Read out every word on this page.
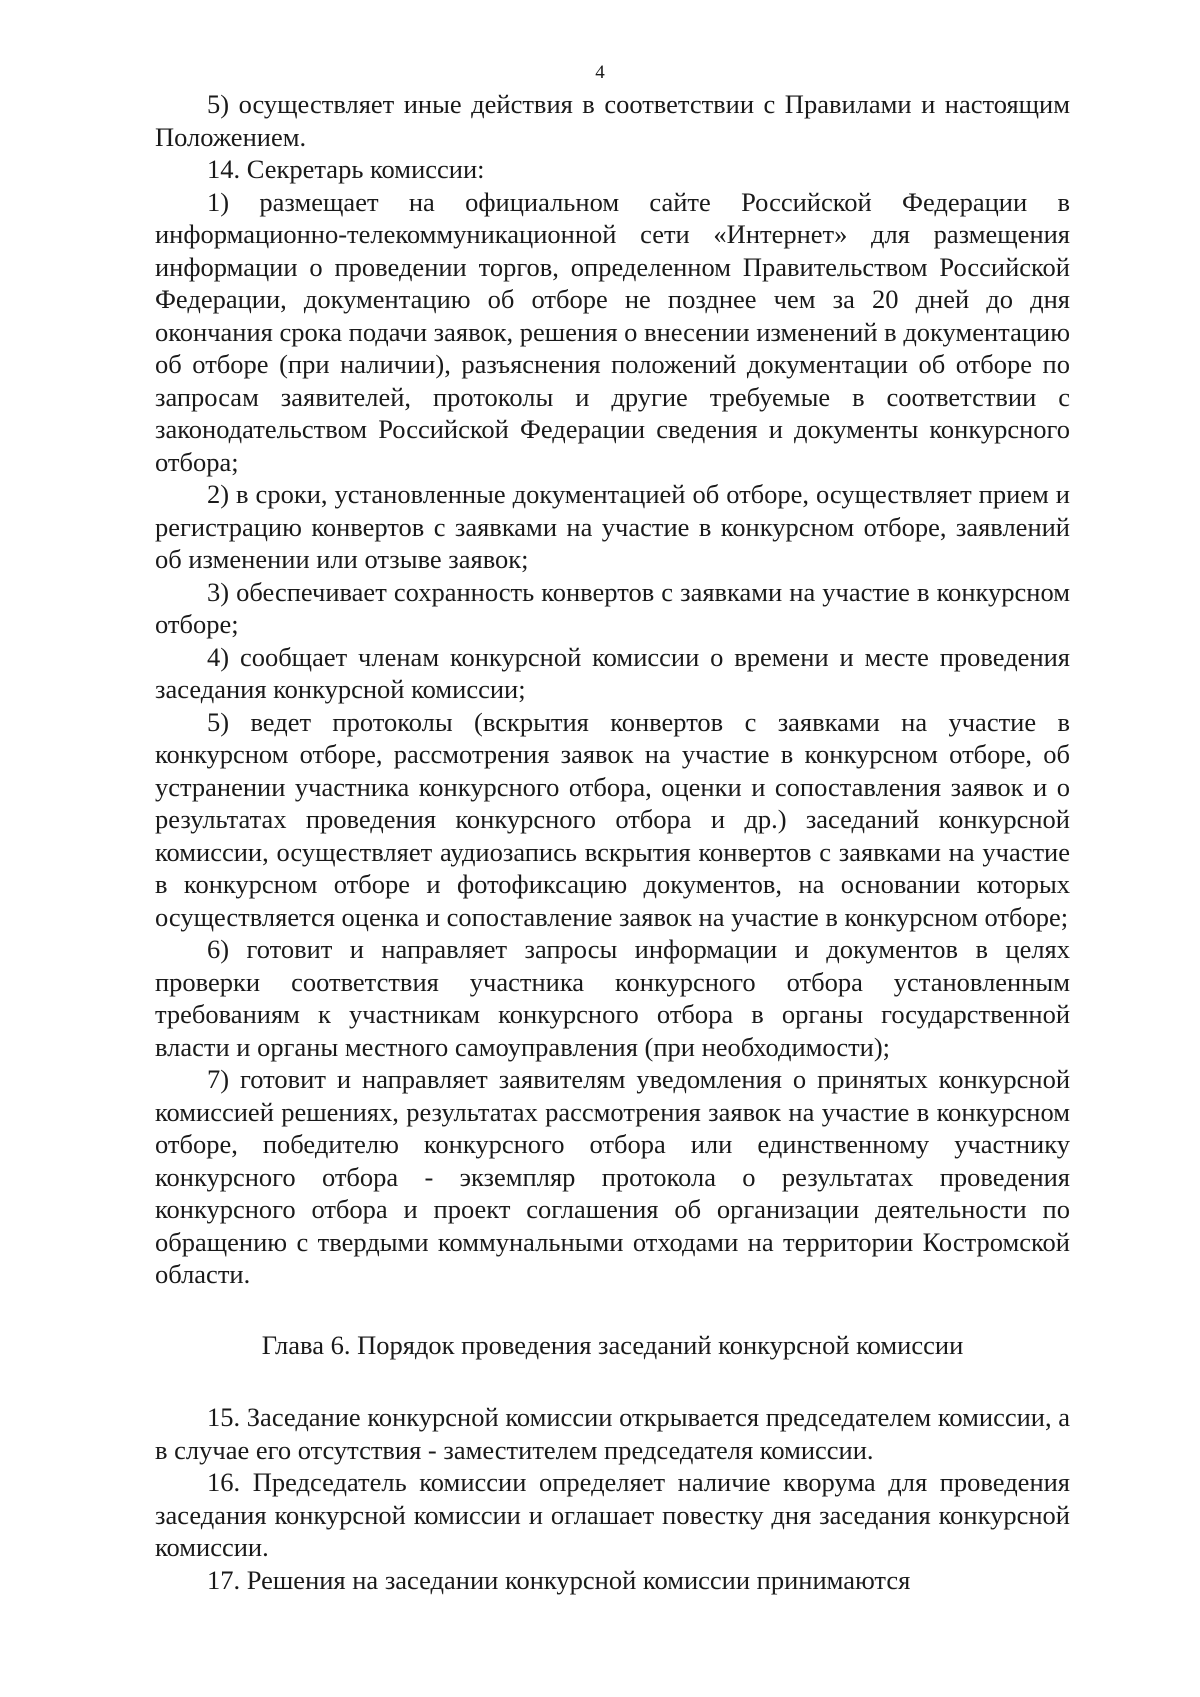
4

5) осуществляет иные действия в соответствии с Правилами и настоящим Положением.

14. Секретарь комиссии:

1) размещает на официальном сайте Российской Федерации в информационно-телекоммуникационной сети «Интернет» для размещения информации о проведении торгов, определенном Правительством Российской Федерации, документацию об отборе не позднее чем за 20 дней до дня окончания срока подачи заявок, решения о внесении изменений в документацию об отборе (при наличии), разъяснения положений документации об отборе по запросам заявителей, протоколы и другие требуемые в соответствии с законодательством Российской Федерации сведения и документы конкурсного отбора;

2) в сроки, установленные документацией об отборе, осуществляет прием и регистрацию конвертов с заявками на участие в конкурсном отборе, заявлений об изменении или отзыве заявок;

3) обеспечивает сохранность конвертов с заявками на участие в конкурсном отборе;

4) сообщает членам конкурсной комиссии о времени и месте проведения заседания конкурсной комиссии;

5) ведет протоколы (вскрытия конвертов с заявками на участие в конкурсном отборе, рассмотрения заявок на участие в конкурсном отборе, об устранении участника конкурсного отбора, оценки и сопоставления заявок и о результатах проведения конкурсного отбора и др.) заседаний конкурсной комиссии, осуществляет аудиозапись вскрытия конвертов с заявками на участие в конкурсном отборе и фотофиксацию документов, на основании которых осуществляется оценка и сопоставление заявок на участие в конкурсном отборе;

6) готовит и направляет запросы информации и документов в целях проверки соответствия участника конкурсного отбора установленным требованиям к участникам конкурсного отбора в органы государственной власти и органы местного самоуправления (при необходимости);

7) готовит и направляет заявителям уведомления о принятых конкурсной комиссией решениях, результатах рассмотрения заявок на участие в конкурсном отборе, победителю конкурсного отбора или единственному участнику конкурсного отбора - экземпляр протокола о результатах проведения конкурсного отбора и проект соглашения об организации деятельности по обращению с твердыми коммунальными отходами на территории Костромской области.

Глава 6. Порядок проведения заседаний конкурсной комиссии

15. Заседание конкурсной комиссии открывается председателем комиссии, а в случае его отсутствия - заместителем председателя комиссии.

16. Председатель комиссии определяет наличие кворума для проведения заседания конкурсной комиссии и оглашает повестку дня заседания конкурсной комиссии.

17. Решения на заседании конкурсной комиссии принимаются
